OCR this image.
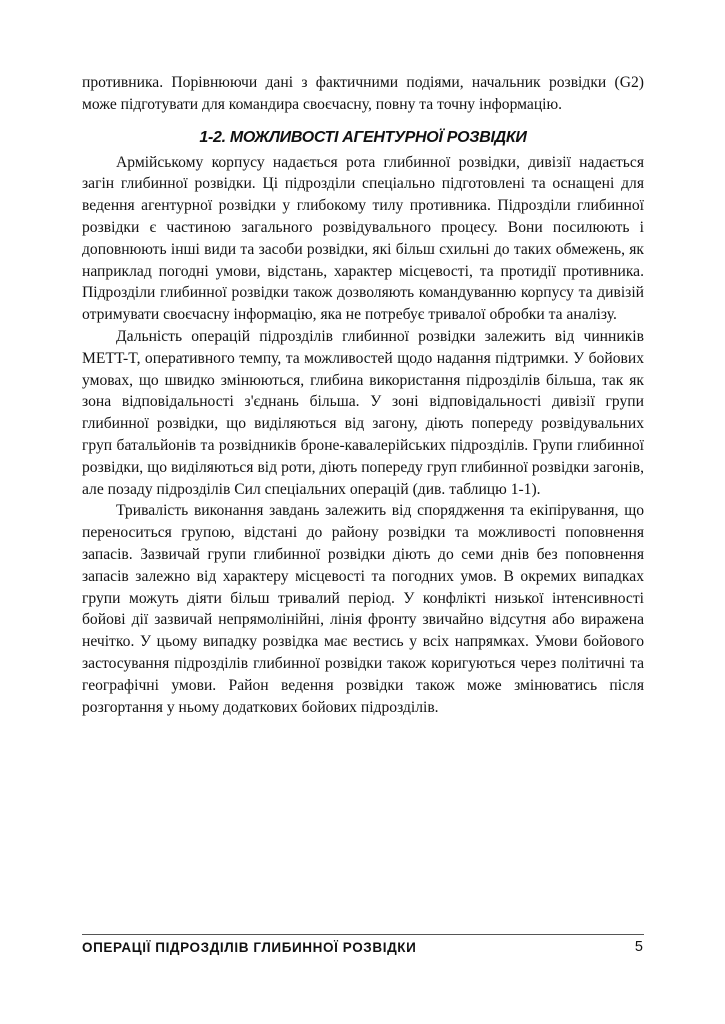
противника. Порівнюючи дані з фактичними подіями, начальник розвідки (G2) може підготувати для командира своєчасну, повну та точну інформацію.

1-2. МОЖЛИВОСТІ АГЕНТУРНОЇ РОЗВІДКИ

Армійському корпусу надається рота глибинної розвідки, дивізії надається загін глибинної розвідки. Ці підрозділи спеціально підготовлені та оснащені для ведення агентурної розвідки у глибокому тилу противника. Підрозділи глибинної розвідки є частиною загального розвідувального процесу. Вони посилюють і доповнюють інші види та засоби розвідки, які більш схильні до таких обмежень, як наприклад погодні умови, відстань, характер місцевості, та протидії противника. Підрозділи глибинної розвідки також дозволяють командуванню корпусу та дивізій отримувати своєчасну інформацію, яка не потребує тривалої обробки та аналізу.

Дальність операцій підрозділів глибинної розвідки залежить від чинників METT-T, оперативного темпу, та можливостей щодо надання підтримки. У бойових умовах, що швидко змінюються, глибина використання підрозділів більша, так як зона відповідальності з'єднань більша. У зоні відповідальності дивізії групи глибинної розвідки, що виділяються від загону, діють попереду розвідувальних груп батальйонів та розвідників броне-кавалерійських підрозділів. Групи глибинної розвідки, що виділяються від роти, діють попереду груп глибинної розвідки загонів, але позаду підрозділів Сил спеціальних операцій (див. таблицю 1-1).

Тривалість виконання завдань залежить від спорядження та екіпірування, що переноситься групою, відстані до району розвідки та можливості поповнення запасів. Зазвичай групи глибинної розвідки діють до семи днів без поповнення запасів залежно від характеру місцевості та погодних умов. В окремих випадках групи можуть діяти більш тривалий період. У конфлікті низької інтенсивності бойові дії зазвичай непрямолінійні, лінія фронту звичайно відсутня або виражена нечітко. У цьому випадку розвідка має вестись у всіх напрямках. Умови бойового застосування підрозділів глибинної розвідки також коригуються через політичні та географічні умови. Район ведення розвідки також може змінюватись після розгортання у ньому додаткових бойових підрозділів.

ОПЕРАЦІЇ ПІДРОЗДІЛІВ ГЛИБИННОЇ РОЗВІДКИ	5
